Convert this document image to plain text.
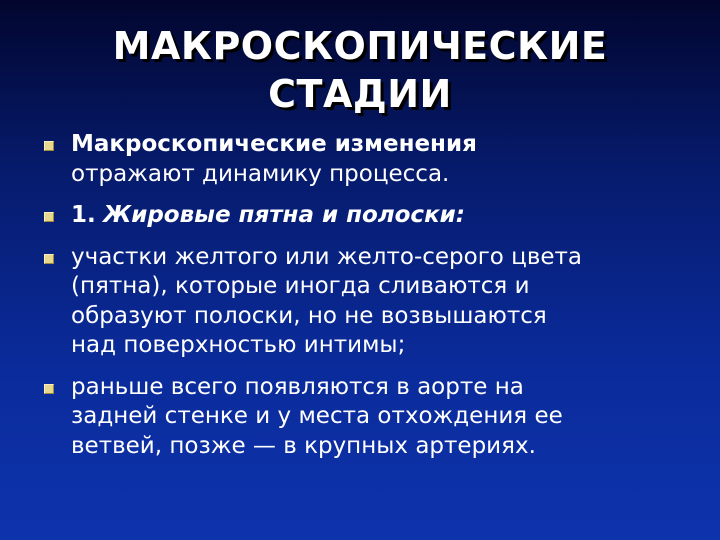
МАКРОСКОПИЧЕСКИЕ
СТАДИИ
Макроскопические изменения
отражают динамику процесса.
1. Жировые пятна и полоски:
участки желтого или желто-серого цвета
(пятна), которые иногда сливаются и
образуют полоски, но не возвышаются
над поверхностью интимы;
раньше всего появляются в аорте на
задней стенке и у места отхождения ее
ветвей, позже — в крупных артериях.
